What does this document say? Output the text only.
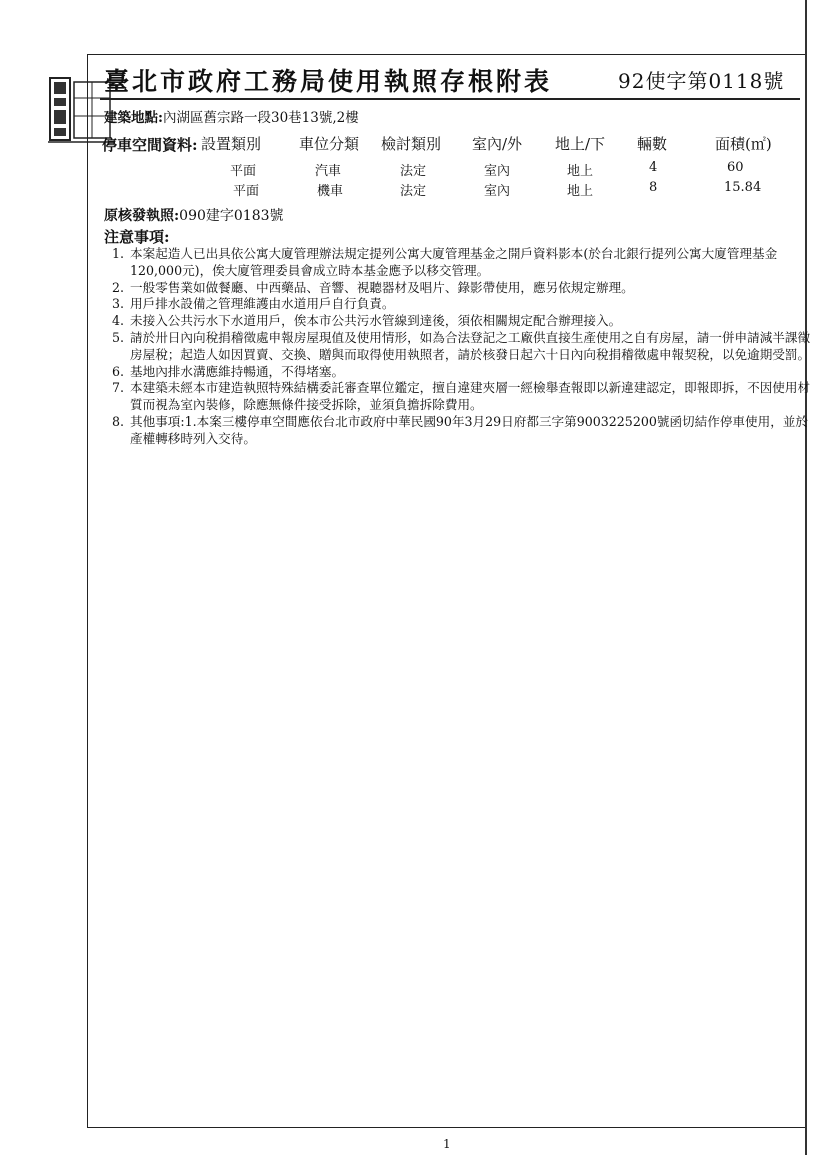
臺北市政府工務局使用執照存根附表	92使字第0118號
建築地點:內湖區舊宗路一段30巷13號,2樓
停車空間資料: 設置類別	車位分類 檢討類別 室內/外 地上/下 輛數	面積(㎡)
平面	汽車	法定	室內	地上	4	60
平面	機車	法定	室內	地上	8	15.84
原核發執照:090建字0183號
注意事項:

1. 本案起造人已出具依公寓大廈管理辦法規定提列公寓大廈管理基金之開戶資料影本(於台北銀行提列公寓大廈管理基金120,000元)，俟大廈管理委員會成立時本基金應予以移交管理。

2. 一般零售業如做餐廳、中西藥品、音響、視聽器材及唱片、錄影帶使用，應另依規定辦理。

3. 用戶排水設備之管理維護由水道用戶自行負責。

4. 未接入公共污水下水道用戶，俟本市公共污水管線到達後，須依相關規定配合辦理接入。

5. 請於卅日內向稅捐稽徵處申報房屋現值及使用情形，如為合法登記之工廠供直接生產使用之自有房屋，請一併申請減半課徵房屋稅；起造人如因買賣、交換、贈與而取得使用執照者，請於核發日起六十日內向稅捐稽徵處申報契稅，以免逾期受罰。

6. 基地內排水溝應維持暢通，不得堵塞。

7. 本建築未經本市建造執照特殊結構委託審查單位鑑定，擅自違建夾層一經檢舉查報即以新違建認定，即報即拆，不因使用材質而視為室內裝修，除應無條件接受拆除，並須負擔拆除費用。

8. 其他事項:1.本案三樓停車空間應依台北市政府中華民國90年3月29日府都三字第9003225200號函切結作停車使用，並於產權轉移時列入交待。

1
